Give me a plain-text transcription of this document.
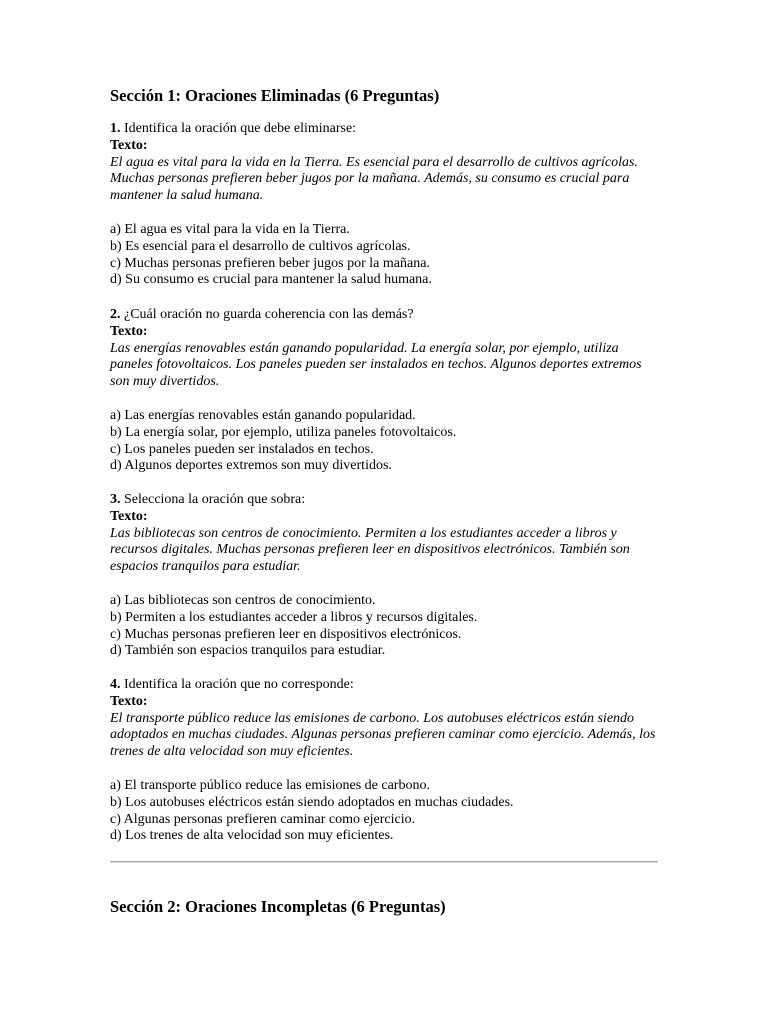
Sección 1: Oraciones Eliminadas (6 Preguntas)
1. Identifica la oración que debe eliminarse:
Texto:
El agua es vital para la vida en la Tierra. Es esencial para el desarrollo de cultivos agrícolas. Muchas personas prefieren beber jugos por la mañana. Además, su consumo es crucial para mantener la salud humana.
a) El agua es vital para la vida en la Tierra.
b) Es esencial para el desarrollo de cultivos agrícolas.
c) Muchas personas prefieren beber jugos por la mañana.
d) Su consumo es crucial para mantener la salud humana.
2. ¿Cuál oración no guarda coherencia con las demás?
Texto:
Las energías renovables están ganando popularidad. La energía solar, por ejemplo, utiliza paneles fotovoltaicos. Los paneles pueden ser instalados en techos. Algunos deportes extremos son muy divertidos.
a) Las energías renovables están ganando popularidad.
b) La energía solar, por ejemplo, utiliza paneles fotovoltaicos.
c) Los paneles pueden ser instalados en techos.
d) Algunos deportes extremos son muy divertidos.
3. Selecciona la oración que sobra:
Texto:
Las bibliotecas son centros de conocimiento. Permiten a los estudiantes acceder a libros y recursos digitales. Muchas personas prefieren leer en dispositivos electrónicos. También son espacios tranquilos para estudiar.
a) Las bibliotecas son centros de conocimiento.
b) Permiten a los estudiantes acceder a libros y recursos digitales.
c) Muchas personas prefieren leer en dispositivos electrónicos.
d) También son espacios tranquilos para estudiar.
4. Identifica la oración que no corresponde:
Texto:
El transporte público reduce las emisiones de carbono. Los autobuses eléctricos están siendo adoptados en muchas ciudades. Algunas personas prefieren caminar como ejercicio. Además, los trenes de alta velocidad son muy eficientes.
a) El transporte público reduce las emisiones de carbono.
b) Los autobuses eléctricos están siendo adoptados en muchas ciudades.
c) Algunas personas prefieren caminar como ejercicio.
d) Los trenes de alta velocidad son muy eficientes.
Sección 2: Oraciones Incompletas (6 Preguntas)
